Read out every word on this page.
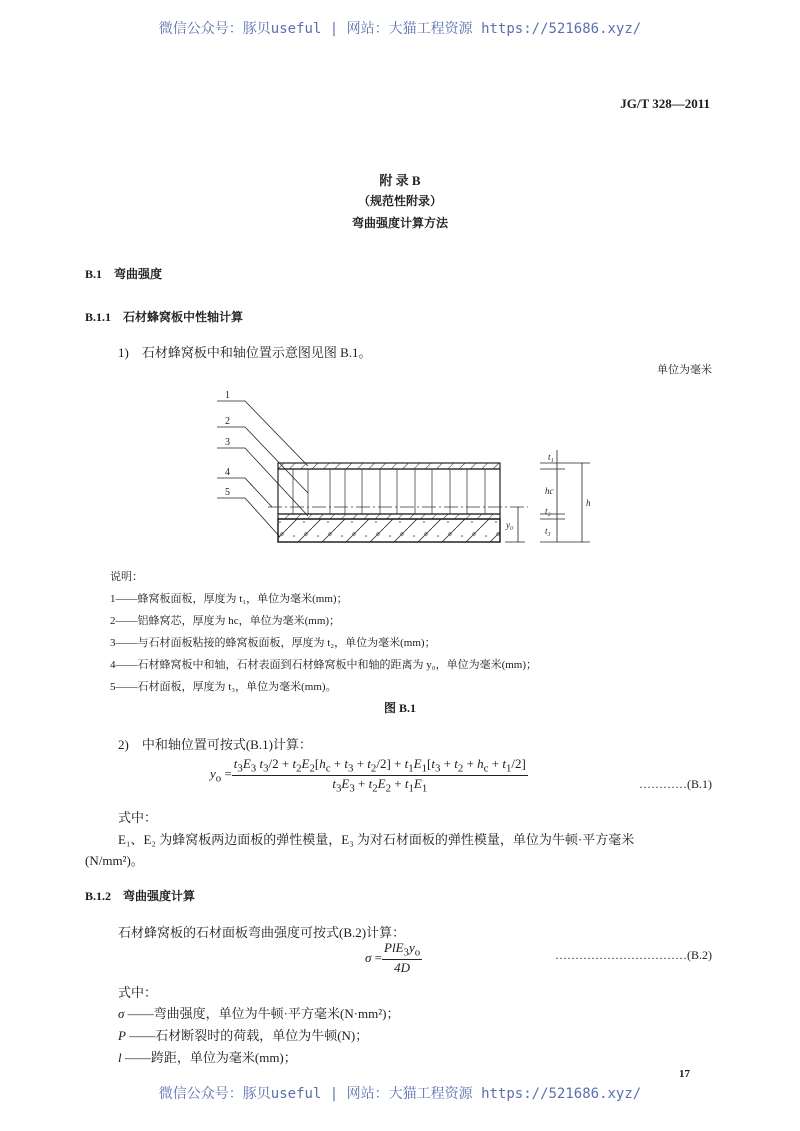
微信公众号：豚贝useful | 网站：大猫工程资源 https://521686.xyz/
JG/T 328—2011
附 录 B
（规范性附录）
弯曲强度计算方法
B.1　弯曲强度
B.1.1　石材蜂窝板中性轴计算
1)　石材蜂窝板中和轴位置示意图见图 B.1。
单位为毫米
1
2
3
4
5
t₁
hc
t₂
t₃
h
y₀
说明：
1——蜂窝板面板，厚度为 t₁，单位为毫米(mm)；
2——铝蜂窝芯，厚度为 hc，单位为毫米(mm)；
3——与石材面板粘接的蜂窝板面板，厚度为 t₂，单位为毫米(mm)；
4——石材蜂窝板中和轴，石材表面到石材蜂窝板中和轴的距离为 y₀，单位为毫米(mm)；
5——石材面板，厚度为 t₃，单位为毫米(mm)。
图 B.1
2)　中和轴位置可按式(B.1)计算：
$y_o = \frac{t_3E_3 t_3/2 + t_2E_2[h_c + t_3 + t_2/2] + t_1E_1[t_3 + t_2 + h_c + t_1/2]}{t_3E_3 + t_2E_2 + t_1E_1}$	…………(B.1)
式中：
E₁、E₂ 为蜂窝板两边面板的弹性模量，E₃ 为对石材面板的弹性模量，单位为牛顿·平方毫米
(N/mm²)。
B.1.2　弯曲强度计算
石材蜂窝板的石材面板弯曲强度可按式(B.2)计算：
$\sigma = \frac{PlE_3y_o}{4D}$	……………………………(B.2)
式中：
σ ——弯曲强度，单位为牛顿·平方毫米(N·mm²)；
P ——石材断裂时的荷载，单位为牛顿(N)；
l ——跨距，单位为毫米(mm)；
17
微信公众号：豚贝useful | 网站：大猫工程资源 https://521686.xyz/
